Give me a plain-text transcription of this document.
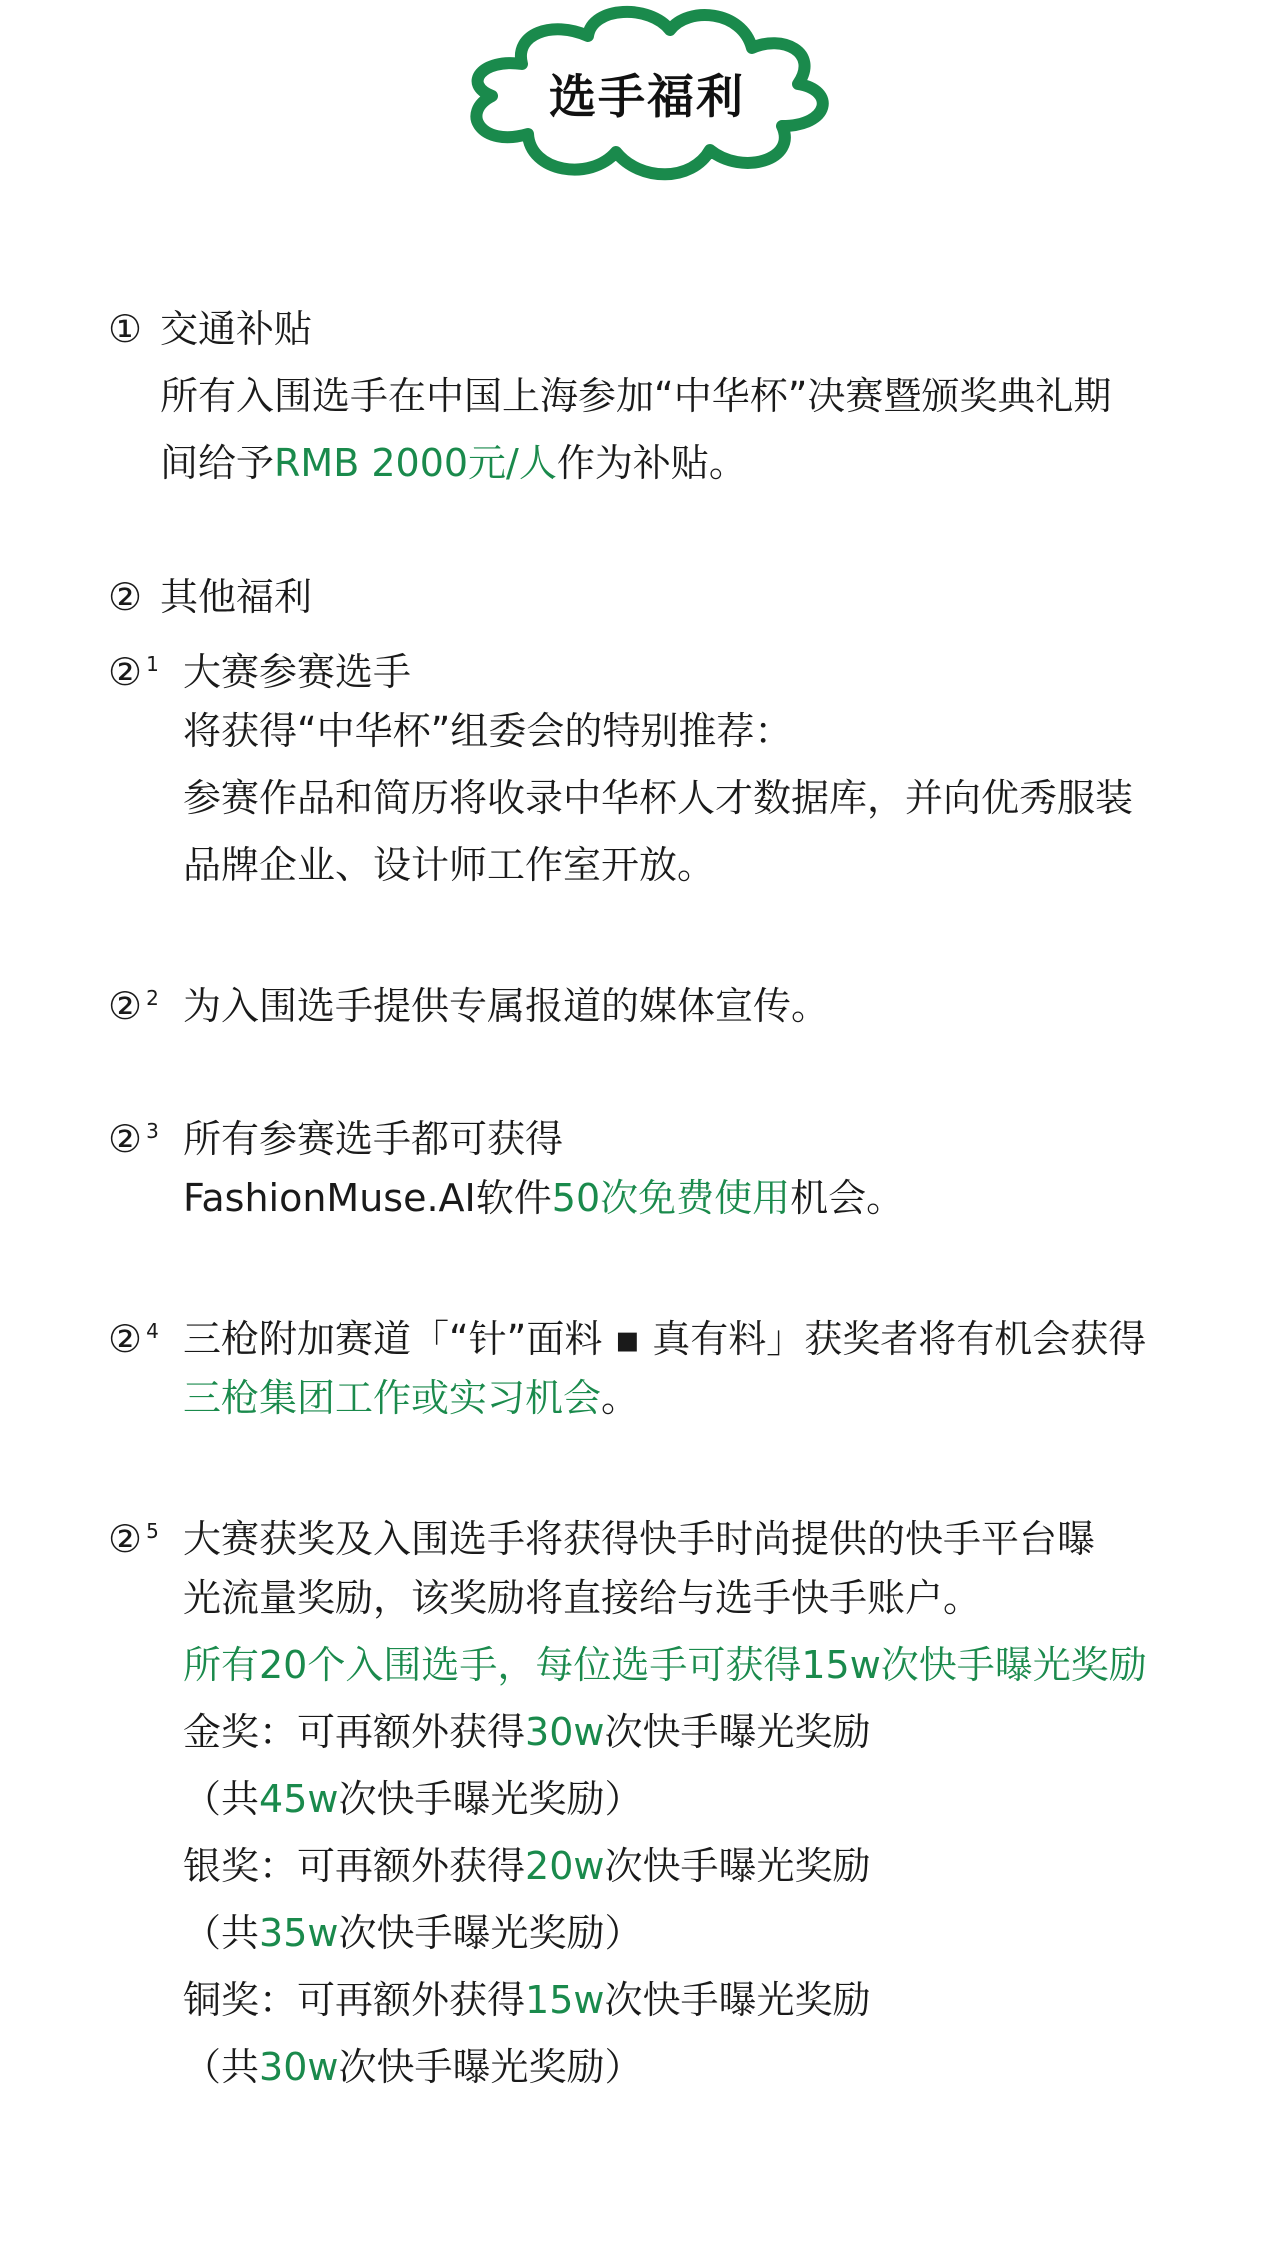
选手福利
① 交通补贴
所有入围选手在中国上海参加“中华杯”决赛暨颁奖典礼期
间给予RMB 2000元/人作为补贴。
② 其他福利
② $^1$ 大赛参赛选手
将获得“中华杯”组委会的特别推荐：
参赛作品和简历将收录中华杯人才数据库，并向优秀服装
品牌企业、设计师工作室开放。
② $^2$ 为入围选手提供专属报道的媒体宣传。
② $^3$ 所有参赛选手都可获得
FashionMuse.AI软件50次免费使用机会。
② $^4$ 三枪附加赛道「“针”面料 ▪ 真有料」获奖者将有机会获得
三枪集团工作或实习机会。
② $^5$ 大赛获奖及入围选手将获得快手时尚提供的快手平台曝
光流量奖励，该奖励将直接给与选手快手账户。
所有20个入围选手，每位选手可获得15w次快手曝光奖励
金奖：可再额外获得30w次快手曝光奖励
（共45w次快手曝光奖励）
银奖：可再额外获得20w次快手曝光奖励
（共35w次快手曝光奖励）
铜奖：可再额外获得15w次快手曝光奖励
（共30w次快手曝光奖励）
